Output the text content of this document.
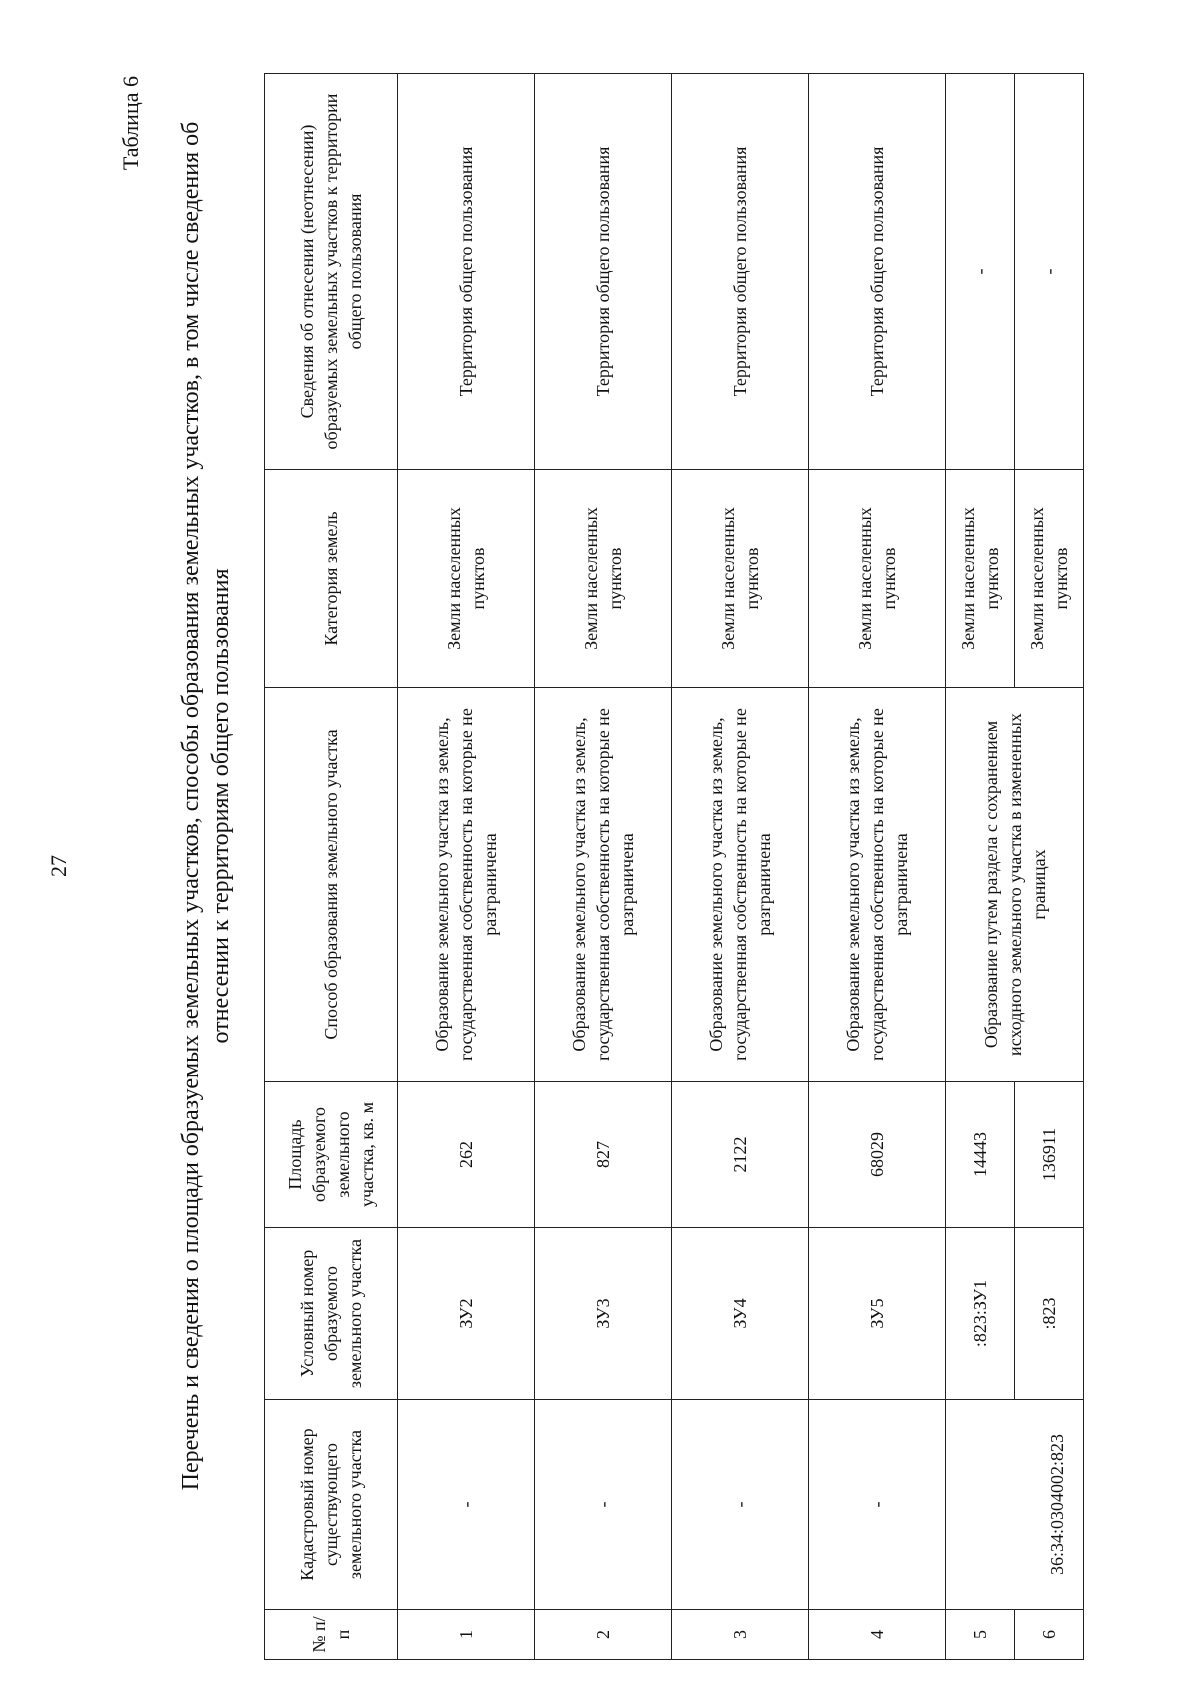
27
Таблица 6 Перечень и сведения о площади образуемых земельных участков, способы образования земельных участков, в том числе сведения об отнесении к территориям общего пользования
№ п/п	Кадастровый номер существующего земельного участка	Условный номер образуемого земельного участка	Площадь образуемого земельного участка, кв. м	Способ образования земельного участка	Категория земель	Сведения об отнесении (неотнесении) образуемых земельных участков к территории общего пользования
1	-	ЗУ2	262	Образование земельного участка из земель, государственная собственность на которые не разграничена	Земли населенных пунктов	Территория общего пользования
2	-	ЗУ3	827	Образование земельного участка из земель, государственная собственность на которые не разграничена	Земли населенных пунктов	Территория общего пользования
3	-	ЗУ4	2122	Образование земельного участка из земель, государственная собственность на которые не разграничена	Земли населенных пунктов	Территория общего пользования
4	-	ЗУ5	68029	Образование земельного участка из земель, государственная собственность на которые не разграничена	Земли населенных пунктов	Территория общего пользования
5	36:34:0304002:823	:823:ЗУ1	14443	Образование путем раздела с сохранением исходного земельного участка в измененных границах	Земли населенных пунктов	-
6		:823	136911		Земли населенных пунктов	-
